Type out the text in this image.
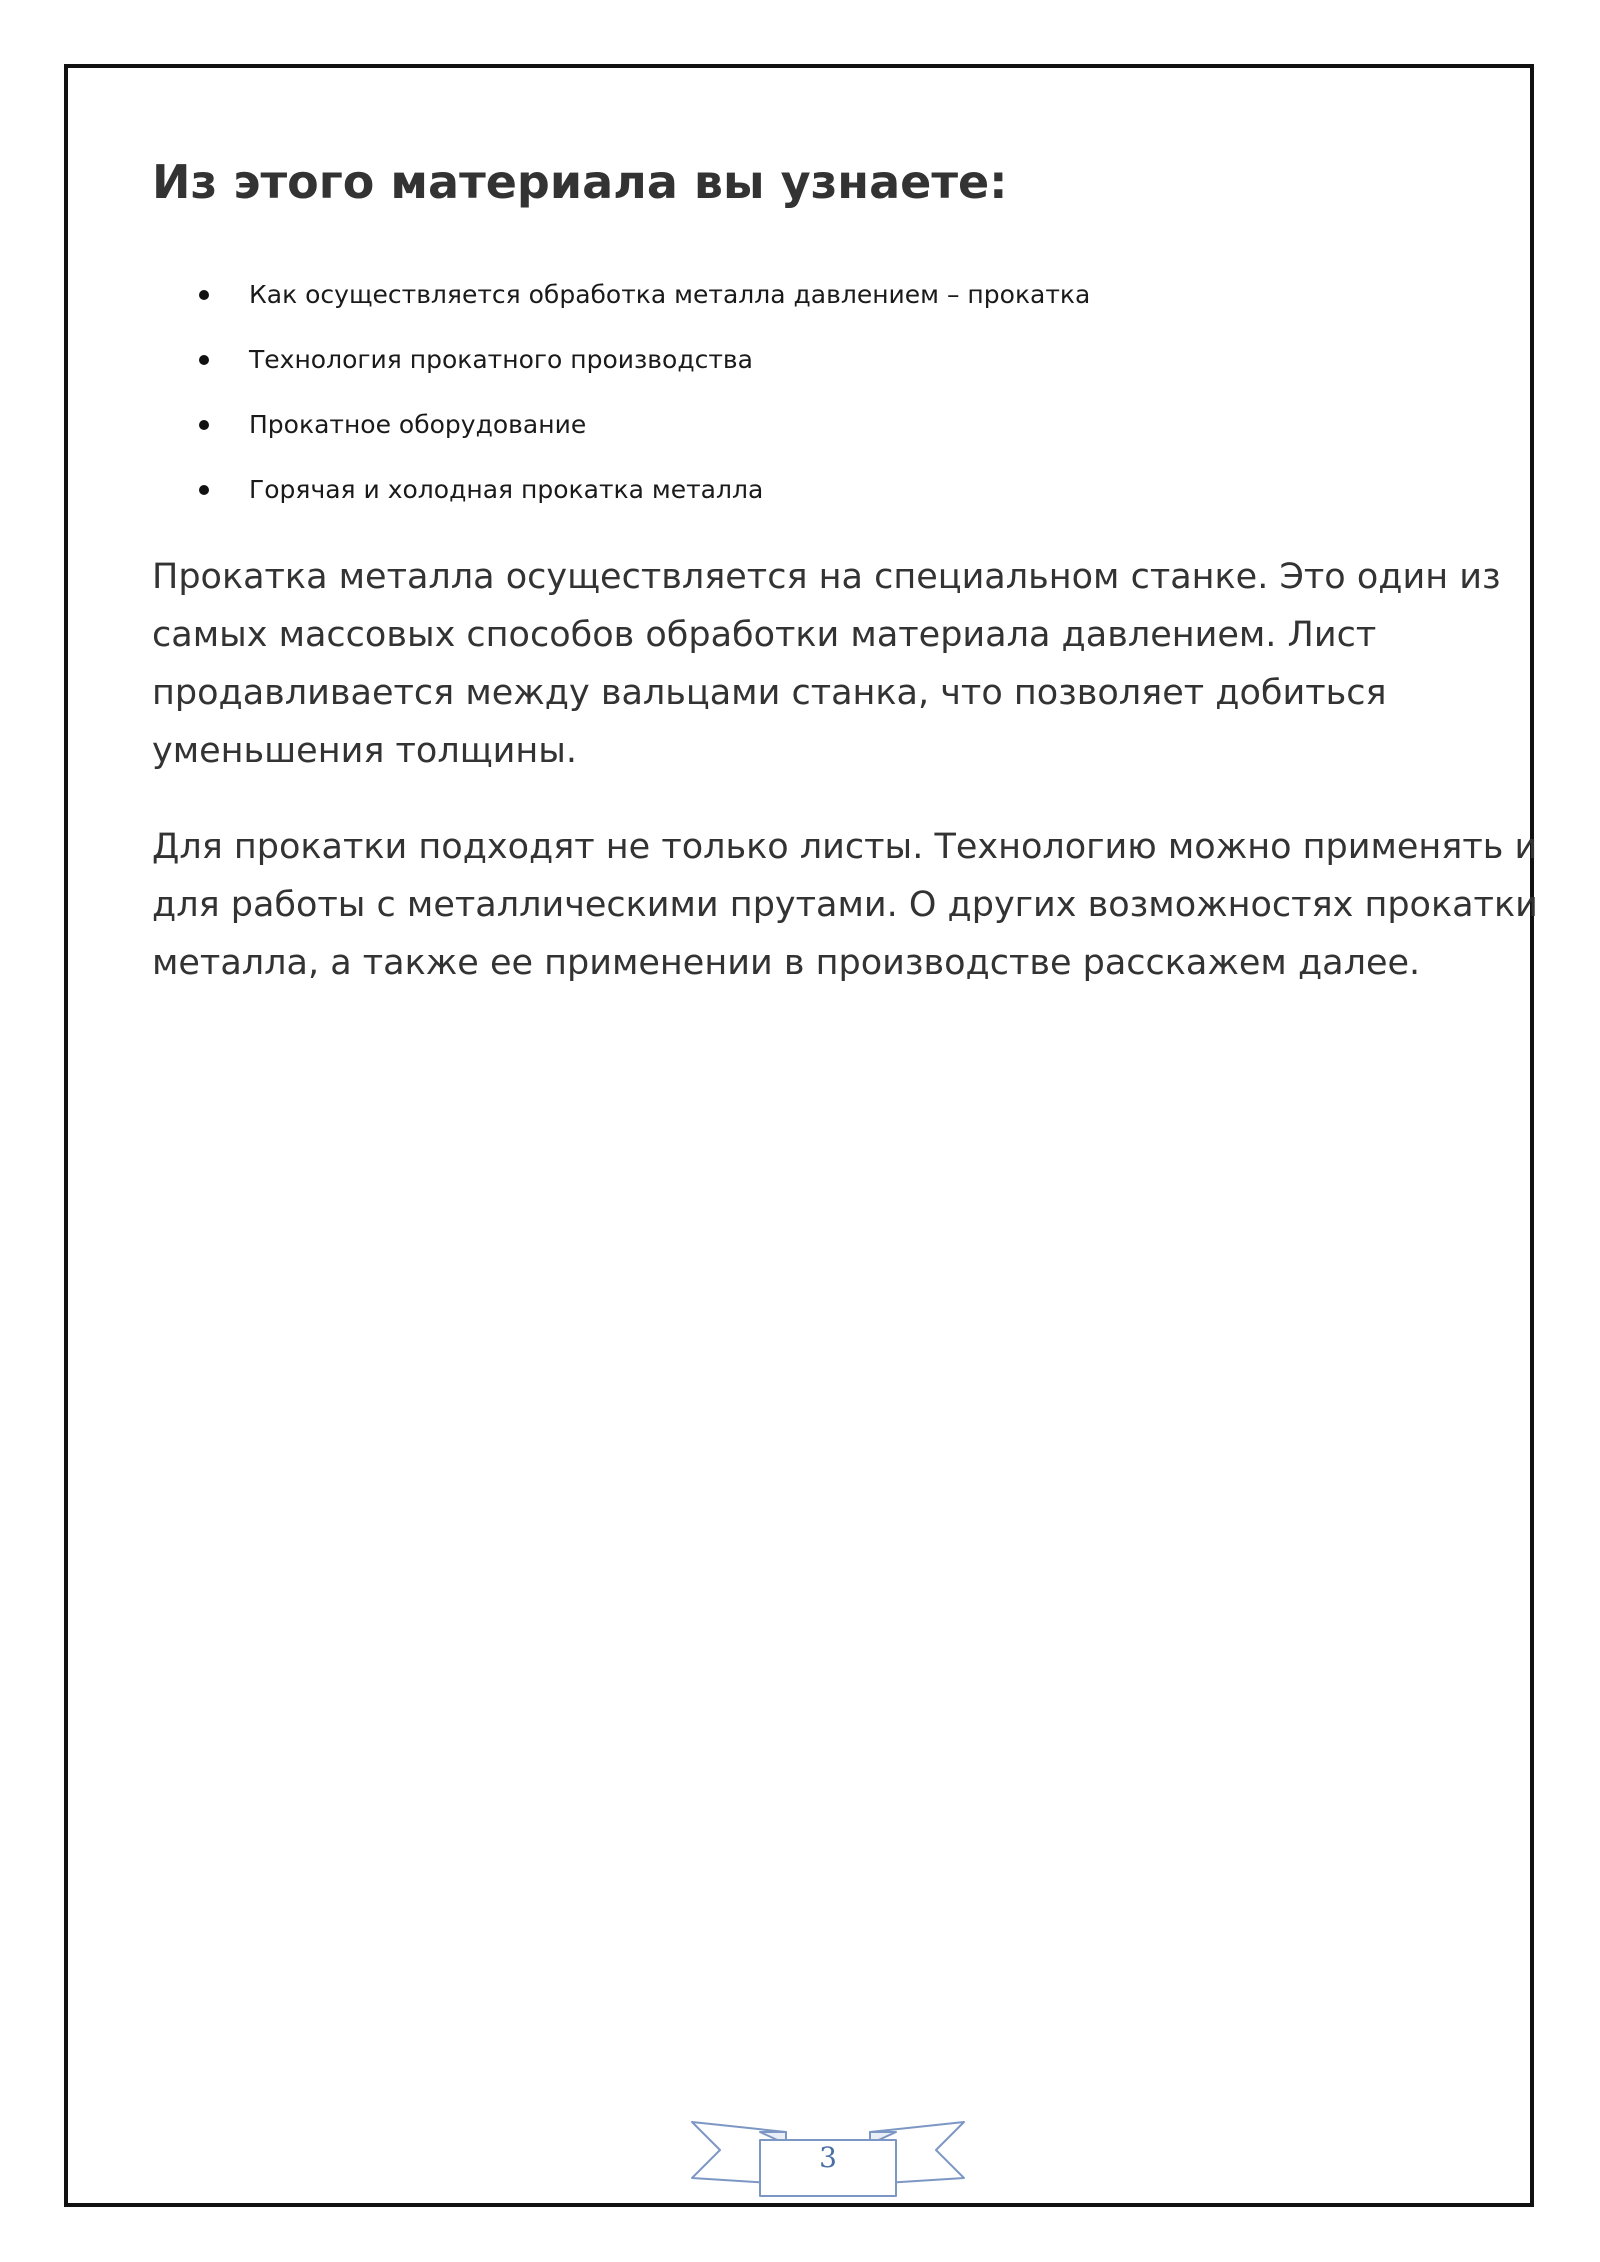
Из этого материала вы узнаете:
Как осуществляется обработка металла давлением – прокатка
Технология прокатного производства
Прокатное оборудование
Горячая и холодная прокатка металла

Прокатка металла осуществляется на специальном станке. Это один из
самых массовых способов обработки материала давлением. Лист
продавливается между вальцами станка, что позволяет добиться
уменьшения толщины.

Для прокатки подходят не только листы. Технологию можно применять и
для работы с металлическими прутами. О других возможностях прокатки
металла, а также ее применении в производстве расскажем далее.

3
